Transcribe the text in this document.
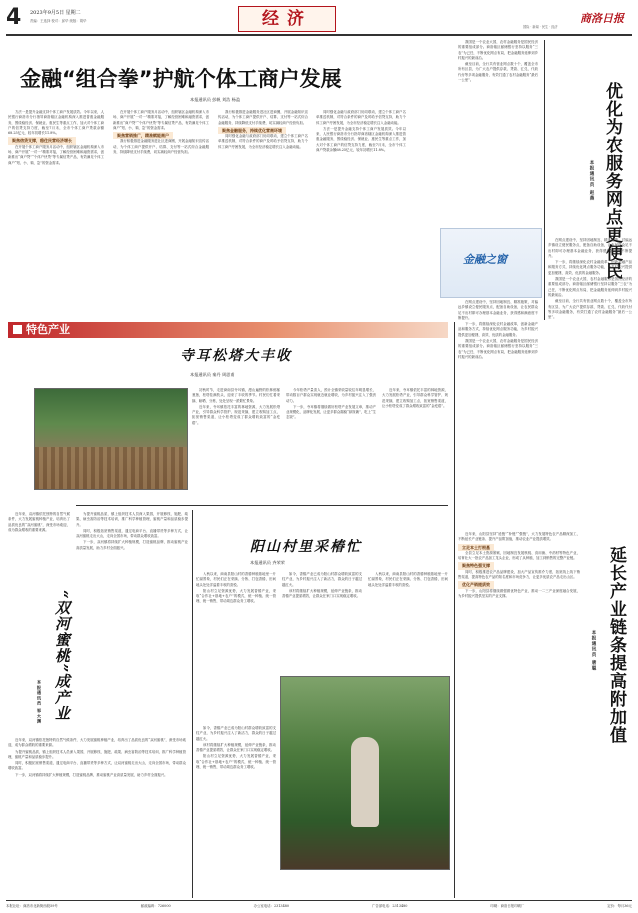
4 2023年9月5日 星期二
责编：王选择 校对：邱华 统版：胡华	经济	商洛日报
国际 · 新闻 · 民生 · 经济
金融“组合拳”护航个体工商户发展
本报通讯员 彭帆 刘浩 杨盈

方法一是提升金融支持个体工商户发展质效。今年以来，人民银行商洛市分行指导商洛辖区金融机构深入推进普惠金融服务，围绕稳经济、保就业、惠民生等重点工作，加大对个体工商户的信贷支持力度，截至7月末，全市个体工商户贷款余额68.25亿元，较年初增长11.8%。

聚焦信贷支撑，稳住民营经济增长

在开展个体工商户服务月活动中，组织辖区金融机构深入市场、商户开展“一对一”精准对接，了解经营困难和融资需求，创新推出“商户贷”“个体户快贷”等专属信贷产品，有效满足个体工商户“短、小、频、急”的资金需求。

在开展个体工商户服务月活动中，组织辖区金融机构深入市场、商户开展“一对一”精准对接，了解经营困难和融资需求，创新推出“商户贷”“个体户快贷”等专属信贷产品，有效满足个体工商户“短、小、频、急”的资金需求。

聚焦营销推广，精准赋能商户

我行积极推进金融服务进社区进商圈，开展金融知识宣传活动，为个体工商户提供开户、结算、支付等一站式综合金融服务，持续降低支付手续费，切实减轻商户经营负担。

我行积极推进金融服务进社区进商圈，开展金融知识宣传活动，为个体工商户提供开户、结算、支付等一站式综合金融服务，持续降低支付手续费，切实减轻商户经营负担。

聚焦金融服务，持续优化营商环境

同时强化金融与政府部门协同联动，建立个体工商户名单推送机制，对符合条件的商户及时给予信贷支持，助力个体工商户纾困发展，为全市经济稳定增长注入金融动能。

同时强化金融与政府部门协同联动，建立个体工商户名单推送机制，对符合条件的商户及时给予信贷支持，助力个体工商户纾困发展，为全市经济稳定增长注入金融动能。

方法一是提升金融支持个体工商户发展质效。今年以来，人民银行商洛市分行指导商洛辖区金融机构深入推进普惠金融服务，围绕稳经济、保就业、惠民生等重点工作，加大对个体工商户的信贷支持力度，截至7月末，全市个体工商户贷款余额68.25亿元，较年初增长11.8%。

金融之窗

我国是一个农业大国，农村金融服务是国民经济的重要组成部分。商洛辖区邮储银行坚持以服务“三农”为己任，不断优化网点布局，把金融服务延伸到乡村振兴的最前沿。

截至目前，全行共有营业网点数十个，覆盖全市所有区县，为广大农户提供存款、贷款、汇兑、代收代付等多项金融服务，有效打通了农村金融服务“最后一公里”。

优化为农服务网点更便民
本报通讯员 赵燕

在网点建设中，坚持因地制宜、精准施策，对偏远乡镇设立便民服务点，配备自助设备，让农民群众足不出村即可办理基本金融业务，获得感和满意度不断提升。

下一步，将继续深化农村金融改革，创新金融产品和服务方式，持续优化网点服务功能，为乡村振兴提供更加便捷、高效、优质的金融服务。

我国是一个农业大国，农村金融服务是国民经济的重要组成部分。商洛辖区邮储银行坚持以服务“三农”为己任，不断优化网点布局，把金融服务延伸到乡村振兴的最前沿。

截至目前，全行共有营业网点数十个，覆盖全市所有区县，为广大农户提供存款、贷款、汇兑、代收代付等多项金融服务，有效打通了农村金融服务“最后一公里”。

在网点建设中，坚持因地制宜、精准施策，对偏远乡镇设立便民服务点，配备自助设备，让农民群众足不出村即可办理基本金融业务，获得感和满意度不断提升。

下一步，将继续深化农村金融改革，创新金融产品和服务方式，持续优化网点服务功能，为乡村振兴提供更加便捷、高效、优质的金融服务。

我国是一个农业大国，农村金融服务是国民经济的重要组成部分。商洛辖区邮储银行坚持以服务“三农”为己任，不断优化网点布局，把金融服务延伸到乡村振兴的最前沿。

特色产业
寺耳松塔大丰收
本报通讯员 秦丹 周思甫

初秋时节，走进商南县寺耳镇，漫山遍野的松林郁郁葱葱，松塔挂满枝头，迎来了丰收的季节。村民们忙着采摘、晾晒、分拣，处处呈现一派繁忙景象。

近年来，寺耳镇依托丰富的林地资源，大力发展松塔产业，引导群众科学管护、规范采摘，建立收购加工点，拓宽销售渠道，让小松塔变成了群众增收致富的“金疙瘩”。

今年松塔产量喜人，预计全镇采收量较往年明显增长，带动数百户群众实现就近就业增收，为乡村振兴注入了强劲动力。

下一步，寺耳镇将继续做好松塔产业发展文章，推动产业规模化、品牌化发展，让更多群众端稳“绿饭碗”，吃上“生态饭”。

近年来，寺耳镇依托丰富的林地资源，大力发展松塔产业，引导群众科学管护、规范采摘，建立收购加工点，拓宽销售渠道，让小松塔变成了群众增收致富的“金疙瘩”。

“双河蜜桃”成产业
本报通讯员 邹大渊

近年来，双河镇依托独特的自然气候条件，大力发展蜜桃种植产业，培育出了品质优良的“双河蜜桃”，深受市场欢迎，成为群众增收的重要来源。

为提升蜜桃品质，镇上组织技术人员深入果园，开展修枝、施肥、疏果、病虫害防治等技术培训，推广科学种植管理，蜜桃产量和品质稳步提升。

同时，积极拓宽销售渠道，通过电商平台、直播带货等多种方式，让双河蜜桃走出大山，走向全国市场，带动群众增收致富。

下一步，双河镇将持续扩大种植规模，打造蜜桃品牌，推动蜜桃产业高质量发展，助力乡村全面振兴。

近年来，双河镇依托独特的自然气候条件，大力发展蜜桃种植产业，培育出了品质优良的“双河蜜桃”，深受市场欢迎，成为群众增收的重要来源。

为提升蜜桃品质，镇上组织技术人员深入果园，开展修枝、施肥、疏果、病虫害防治等技术培训，推广科学种植管理，蜜桃产量和品质稳步提升。

同时，积极拓宽销售渠道，通过电商平台、直播带货等多种方式，让双河蜜桃走出大山，走向全国市场，带动群众增收致富。

下一步，双河镇将持续扩大种植规模，打造蜜桃品牌，推动蜜桃产业高质量发展，助力乡村全面振兴。

阳山村里采椿忙
本报通讯员 齐荣荣

入秋以来，商南县阳山村的香椿种植基地里一片忙碌景象，村民们正在采摘、分拣、打包香椿，田间地头处处洋溢着丰收的喜悦。

阳山村立足资源优势，大力发展香椿产业，采取“合作社+基地+农户”的模式，统一种植、统一管理、统一销售，带动周边群众务工增收。

如今，香椿产业已成为阳山村群众增收致富的支柱产业，为乡村振兴注入了新活力，群众的日子越过越红火。

该村将继续扩大种植规模，延伸产业链条，推动香椿产业提质增效，让群众在家门口实现稳定增收。

入秋以来，商南县阳山村的香椿种植基地里一片忙碌景象，村民们正在采摘、分拣、打包香椿，田间地头处处洋溢着丰收的喜悦。

如今，香椿产业已成为阳山村群众增收致富的支柱产业，为乡村振兴注入了新活力，群众的日子越过越红火。

该村将继续扩大种植规模，延伸产业链条，推动香椿产业提质增效，让群众在家门口实现稳定增收。

阳山村立足资源优势，大力发展香椿产业，采取“合作社+基地+农户”的模式，统一种植、统一管理、统一销售，带动周边群众务工增收。

延长产业链条提高附加值
本报通讯员 唐聪

近年来，山阳县坚持“延链”“补链”“强链”，大力发展特色农产品精深加工，不断延长产业链条、提升产品附加值，推动农业产业提质增效。

立足本土打根基

全县立足本土资源禀赋，因地制宜发展核桃、食用菌、中药材等特色产业，培育壮大一批农产品加工龙头企业，形成了从种植、加工到销售的完整产业链。

聚焦特色强支撑

同时，积极推进农产品品牌建设，加大产品宣传推介力度，拓宽线上线下销售渠道，提高特色农产品的知名度和市场竞争力，让更多优质农产品走出山区。

优化产销提质效

下一步，山阳县将继续做强做优特色产业，推动一二三产业深度融合发展，为乡村振兴提供坚实的产业支撑。

本报社址：商洛市北新街西段59号	邮政编码：726000	办公室电话：2313480	广告部电话：2313480	印刷：商洛日报印刷厂	定价：每月36元
